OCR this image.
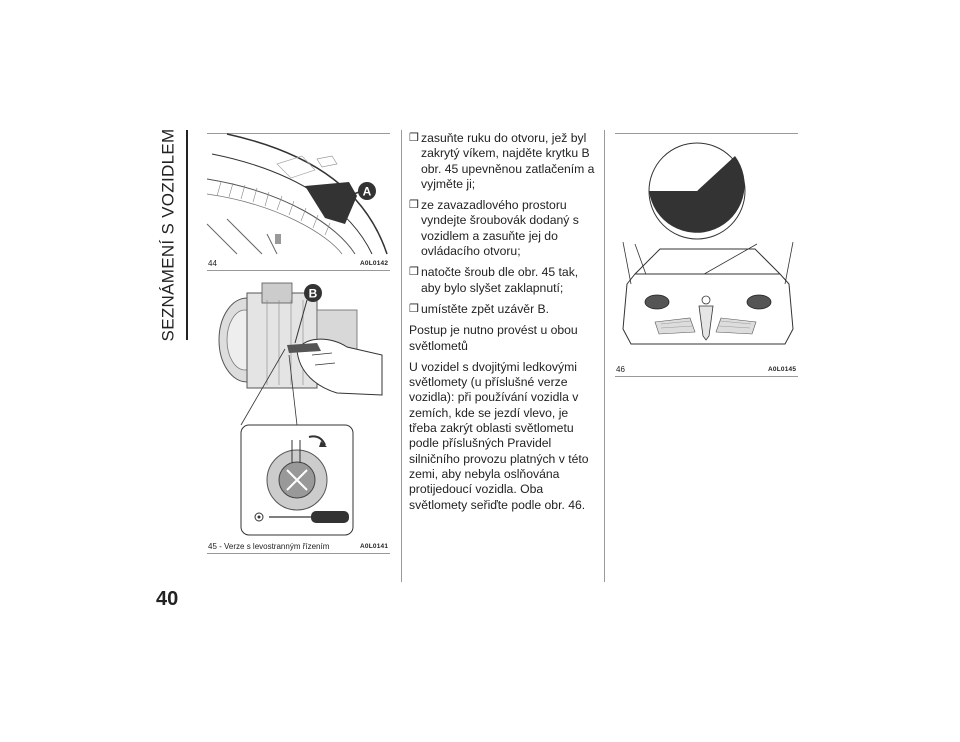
SEZNÁMENÍ S VOZIDLEM
40
A
44	A0L0142
B
45 - Verze s levostranným řízením	A0L0141
❒ zasuňte ruku do otvoru, jež byl zakrytý víkem, najděte krytku B obr. 45 upevněnou zatlačením a vyjměte ji;
❒ ze zavazadlového prostoru vyndejte šroubovák dodaný s vozidlem a zasuňte jej do ovládacího otvoru;
❒ natočte šroub dle obr. 45 tak, aby bylo slyšet zaklapnutí;
❒ umístěte zpět uzávěr B.

Postup je nutno provést u obou světlometů

U vozidel s dvojitými ledkovými světlomety (u příslušné verze vozidla): při používání vozidla v zemích, kde se jezdí vlevo, je třeba zakrýt oblasti světlometu podle příslušných Pravidel silničního provozu platných v této zemi, aby nebyla oslňována protijedoucí vozidla. Oba světlomety seřiďte podle obr. 46.

46	A0L0145
